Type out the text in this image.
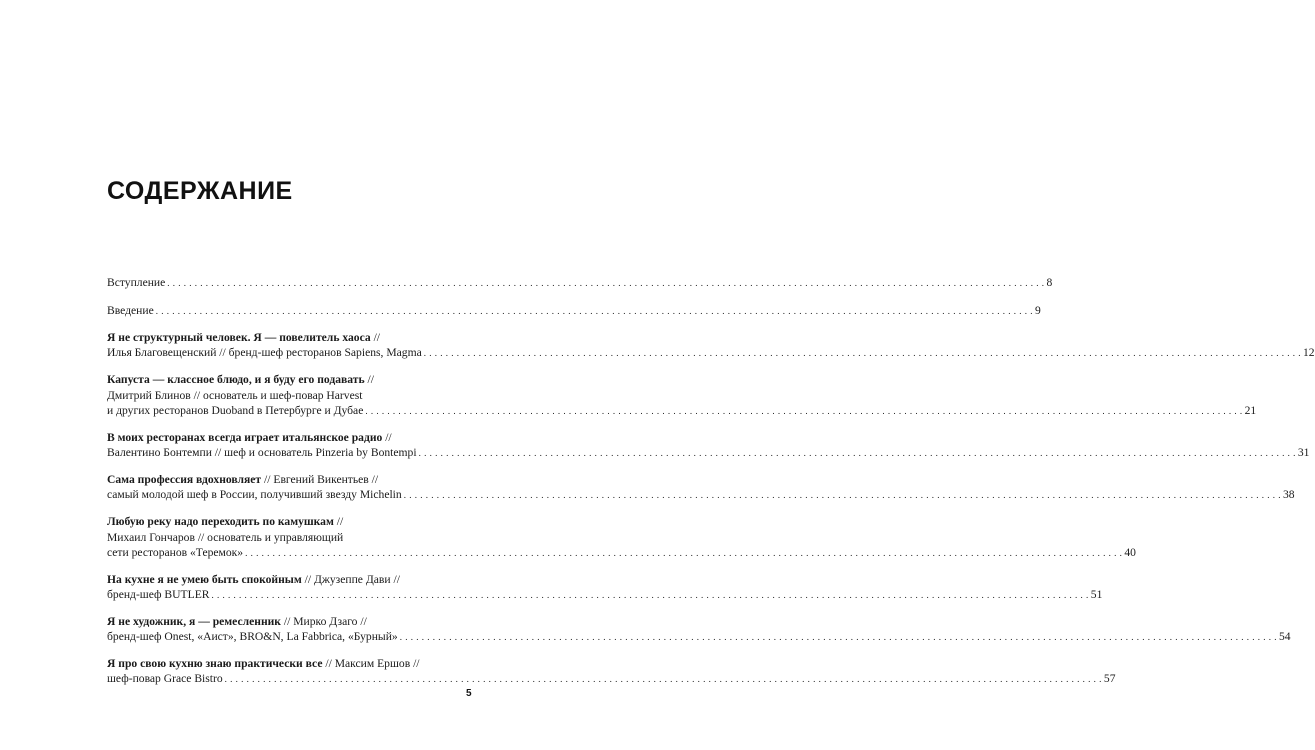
СОДЕРЖАНИЕ
Вступление . . . . . . . . . . . . . . . . . . . . . . . . . . . . . . . . . . . . . . . . . . . . . . . . . . . . . . . . . . . . . . . . . . . . . . . . . . . . . . . . . . . . . . . . . . . . . . . . . . . . . . . . . . . . . . . . . . . . . . . . . . . . . . . . . . . . . . . . . . . . . . . . . . . . . . . . . . . . . . . . 8
Введение . . . . . . . . . . . . . . . . . . . . . . . . . . . . . . . . . . . . . . . . . . . . . . . . . . . . . . . . . . . . . . . . . . . . . . . . . . . . . . . . . . . . . . . . . . . . . . . . . . . . . . . . . . . . . . . . . . . . . . . . . . . . . . . . . . . . . . . . . . . . . . . . . . . . . . . . . . . . . . . . 9
Я не структурный человек. Я — повелитель хаоса //
Илья Благовещенский // бренд-шеф ресторанов Sapiens, Magma . . . . . . . . . . . . . . . . . . . . . . . . . . . . . . . . . . . . . . . . . . . . . . . . . . . . . . . . . . . . . . . . . . . . . . . . . . . . . . . . . . . . . . . . . . . . . . . . . . . . . . . . . . . . . . . . . . . . . . . . . . . . . . . . . . . . . . . . . . . . . . . . . . . . . . . . . . . . . . . . 12
Капуста — классное блюдо, и я буду его подавать //
Дмитрий Блинов // основатель и шеф-повар Harvest
и других ресторанов Duoband в Петербурге и Дубае . . . . . . . . . . . . . . . . . . . . . . . . . . . . . . . . . . . . . . . . . . . . . . . . . . . . . . . . . . . . . . . . . . . . . . . . . . . . . . . . . . . . . . . . . . . . . . . . . . . . . . . . . . . . . . . . . . . . . . . . . . . . . . . . . . . . . . . . . . . . . . . . . . . . . . . . . . . . . . . . 21
В моих ресторанах всегда играет итальянское радио //
Валентино Бонтемпи // шеф и основатель Pinzeria by Bontempi . . . . . . . . . . . . . . . . . . . . . . . . . . . . . . . . . . . . . . . . . . . . . . . . . . . . . . . . . . . . . . . . . . . . . . . . . . . . . . . . . . . . . . . . . . . . . . . . . . . . . . . . . . . . . . . . . . . . . . . . . . . . . . . . . . . . . . . . . . . . . . . . . . . . . . . . . . . . . . . . 31
Сама профессия вдохновляет // Евгений Викентьев //
самый молодой шеф в России, получивший звезду Michelin . . . . . . . . . . . . . . . . . . . . . . . . . . . . . . . . . . . . . . . . . . . . . . . . . . . . . . . . . . . . . . . . . . . . . . . . . . . . . . . . . . . . . . . . . . . . . . . . . . . . . . . . . . . . . . . . . . . . . . . . . . . . . . . . . . . . . . . . . . . . . . . . . . . . . . . . . . . . . . . . 38
Любую реку надо переходить по камушкам //
Михаил Гончаров // основатель и управляющий
сети ресторанов «Теремок» . . . . . . . . . . . . . . . . . . . . . . . . . . . . . . . . . . . . . . . . . . . . . . . . . . . . . . . . . . . . . . . . . . . . . . . . . . . . . . . . . . . . . . . . . . . . . . . . . . . . . . . . . . . . . . . . . . . . . . . . . . . . . . . . . . . . . . . . . . . . . . . . . . . . . . . . . . . . . . . . 40
На кухне я не умею быть спокойным // Джузеппе Дави //
бренд-шеф BUTLER . . . . . . . . . . . . . . . . . . . . . . . . . . . . . . . . . . . . . . . . . . . . . . . . . . . . . . . . . . . . . . . . . . . . . . . . . . . . . . . . . . . . . . . . . . . . . . . . . . . . . . . . . . . . . . . . . . . . . . . . . . . . . . . . . . . . . . . . . . . . . . . . . . . . . . . . . . . . . . . . 51
Я не художник, я — ремесленник // Мирко Дзаго //
бренд-шеф Onest, «Аист», BRO&N, La Fabbrica, «Бурный» . . . . . . . . . . . . . . . . . . . . . . . . . . . . . . . . . . . . . . . . . . . . . . . . . . . . . . . . . . . . . . . . . . . . . . . . . . . . . . . . . . . . . . . . . . . . . . . . . . . . . . . . . . . . . . . . . . . . . . . . . . . . . . . . . . . . . . . . . . . . . . . . . . . . . . . . . . . . . . . . 54
Я про свою кухню знаю практически все // Максим Ершов //
шеф-повар Grace Bistro . . . . . . . . . . . . . . . . . . . . . . . . . . . . . . . . . . . . . . . . . . . . . . . . . . . . . . . . . . . . . . . . . . . . . . . . . . . . . . . . . . . . . . . . . . . . . . . . . . . . . . . . . . . . . . . . . . . . . . . . . . . . . . . . . . . . . . . . . . . . . . . . . . . . . . . . . . . . . . . . 57
5
